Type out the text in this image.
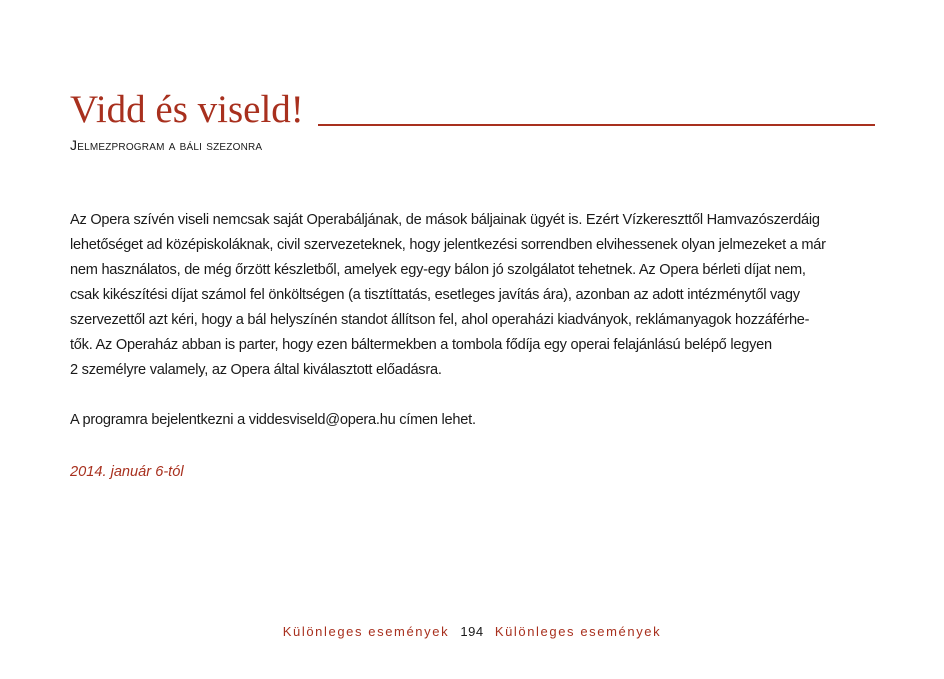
Vidd és viseld!
Jelmezprogram a báli szezonra

Az Opera szívén viseli nemcsak saját Operabáljának, de mások báljainak ügyét is. Ezért Vízkereszttől Hamvazószerdáig
lehetőséget ad középiskoláknak, civil szervezeteknek, hogy jelentkezési sorrendben elvihessenek olyan jelmezeket a már
nem használatos, de még őrzött készletből, amelyek egy-egy bálon jó szolgálatot tehetnek. Az Opera bérleti díjat nem,
csak kikészítési díjat számol fel önköltségen (a tisztíttatás, esetleges javítás ára), azonban az adott intézménytől vagy
szervezettől azt kéri, hogy a bál helyszínén standot állítson fel, ahol operaházi kiadványok, reklámanyagok hozzáférhe-
tők. Az Operaház abban is parter, hogy ezen báltermekben a tombola fődíja egy operai felajánlású belépő legyen
2 személyre valamely, az Opera által kiválasztott előadásra.

A programra bejelentkezni a viddesviseld@opera.hu címen lehet.

2014. január 6-tól
Különleges események 194 Különleges események
